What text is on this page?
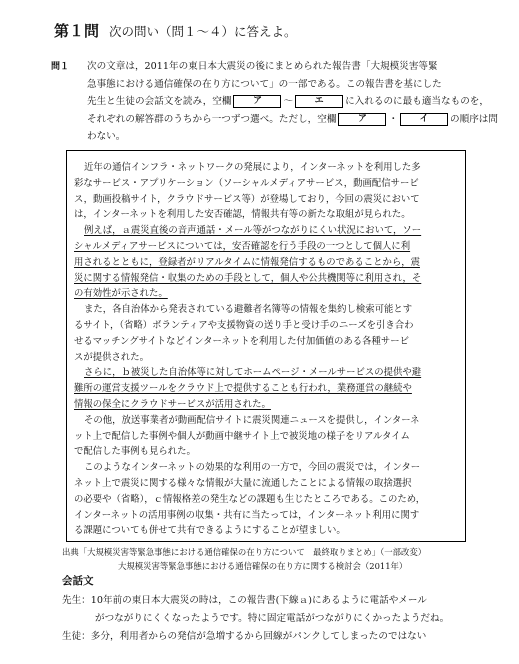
第１問 次の問い（問１～４）に答えよ。
問１ 次の文章は，2011年の東日本大震災の後にまとめられた報告書「大規模災害等緊
急事態における通信確保の在り方について」の一部である。この報告書を基にした
先生と生徒の会話文を読み，空欄 ア ～ エ に入れるのに最も適当なものを，
それぞれの解答群のうちから一つずつ選べ。ただし，空欄 ア ・ イ の順序は問
わない。
近年の通信インフラ・ネットワークの発展により，インターネットを利用した多
彩なサービス・アプリケーション（ソーシャルメディアサービス，動画配信サービ
ス，動画投稿サイト，クラウドサービス等）が登場しており，今回の震災において
は，インターネットを利用した安否確認，情報共有等の新たな取組が見られた。
例えば，ａ震災直後の音声通話・メール等がつながりにくい状況において，ソー
シャルメディアサービスについては，安否確認を行う手段の一つとして個人に利
用されるとともに，登録者がリアルタイムに情報発信するものであることから，震
災に関する情報発信・収集のための手段として，個人や公共機関等に利用され，そ
の有効性が示された。
また，各自治体から発表されている避難者名簿等の情報を集約し検索可能とす
るサイト，（省略）ボランティアや支援物資の送り手と受け手のニーズを引き合わ
せるマッチングサイトなどインターネットを利用した付加価値のある各種サービ
スが提供された。
さらに，ｂ被災した自治体等に対してホームページ・メールサービスの提供や避
難所の運営支援ツールをクラウド上で提供することも行われ，業務運営の継続や
情報の保全にクラウドサービスが活用された。
その他，放送事業者が動画配信サイトに震災関連ニュースを提供し，インターネ
ット上で配信した事例や個人が動画中継サイト上で被災地の様子をリアルタイム
で配信した事例も見られた。
このようなインターネットの効果的な利用の一方で，今回の震災では，インター
ネット上で震災に関する様々な情報が大量に流通したことによる情報の取捨選択
の必要や（省略），ｃ情報格差の発生などの課題も生じたところである。このため，
インターネットの活用事例の収集・共有に当たっては，インターネット利用に関す
る課題についても併せて共有できるようにすることが望ましい。
出典「大規模災害等緊急事態における通信確保の在り方について　最終取りまとめ」（一部改変）
大規模災害等緊急事態における通信確保の在り方に関する検討会（2011年）
会話文
先生：10年前の東日本大震災の時は，この報告書(下線ａ)にあるように電話やメール
がつながりにくくなったようです。特に固定電話がつながりにくかったようだね。
生徒：多分，利用者からの発信が急増するから回線がパンクしてしまったのではない
